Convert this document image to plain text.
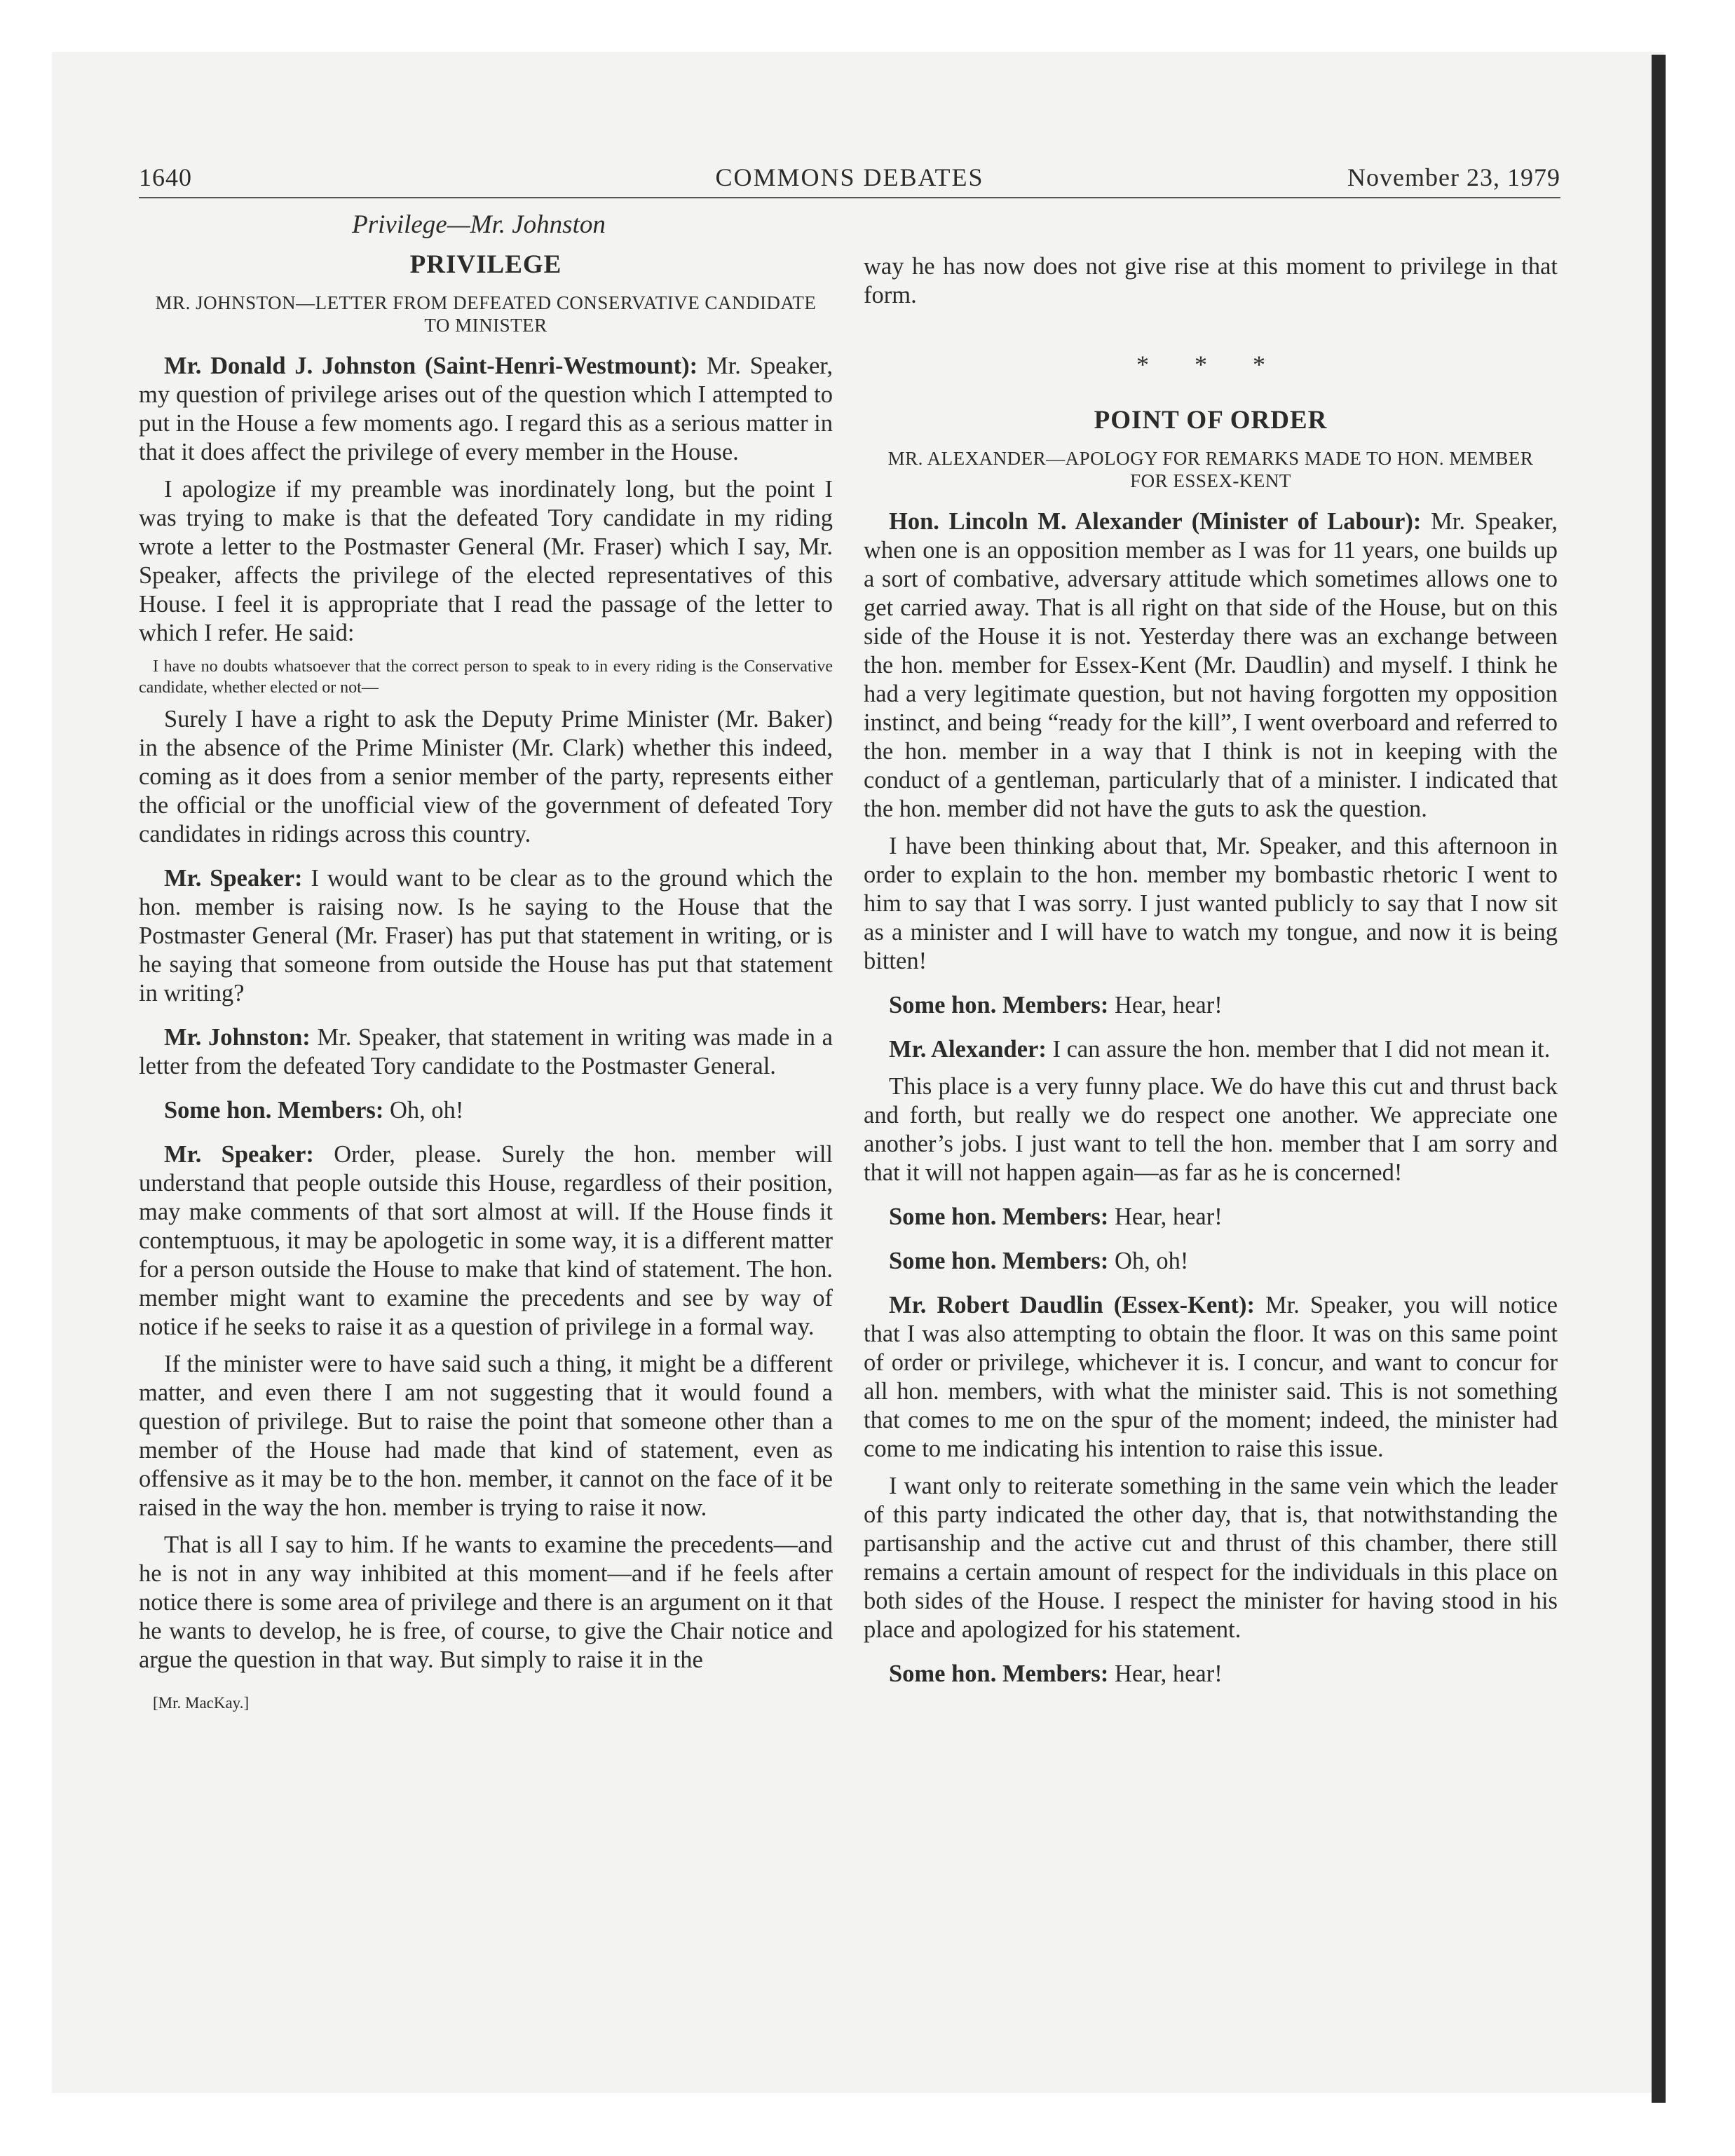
1640	COMMONS DEBATES	November 23, 1979
Privilege—Mr. Johnston
PRIVILEGE
MR. JOHNSTON—LETTER FROM DEFEATED CONSERVATIVE CANDIDATE TO MINISTER

Mr. Donald J. Johnston (Saint-Henri-Westmount): Mr. Speaker, my question of privilege arises out of the question which I attempted to put in the House a few moments ago. I regard this as a serious matter in that it does affect the privilege of every member in the House.

I apologize if my preamble was inordinately long, but the point I was trying to make is that the defeated Tory candidate in my riding wrote a letter to the Postmaster General (Mr. Fraser) which I say, Mr. Speaker, affects the privilege of the elected representatives of this House. I feel it is appropriate that I read the passage of the letter to which I refer. He said:

I have no doubts whatsoever that the correct person to speak to in every riding is the Conservative candidate, whether elected or not—

Surely I have a right to ask the Deputy Prime Minister (Mr. Baker) in the absence of the Prime Minister (Mr. Clark) whether this indeed, coming as it does from a senior member of the party, represents either the official or the unofficial view of the government of defeated Tory candidates in ridings across this country.

Mr. Speaker: I would want to be clear as to the ground which the hon. member is raising now. Is he saying to the House that the Postmaster General (Mr. Fraser) has put that statement in writing, or is he saying that someone from outside the House has put that statement in writing?

Mr. Johnston: Mr. Speaker, that statement in writing was made in a letter from the defeated Tory candidate to the Postmaster General.

Some hon. Members: Oh, oh!

Mr. Speaker: Order, please. Surely the hon. member will understand that people outside this House, regardless of their position, may make comments of that sort almost at will. If the House finds it contemptuous, it may be apologetic in some way, it is a different matter for a person outside the House to make that kind of statement. The hon. member might want to examine the precedents and see by way of notice if he seeks to raise it as a question of privilege in a formal way.

If the minister were to have said such a thing, it might be a different matter, and even there I am not suggesting that it would found a question of privilege. But to raise the point that someone other than a member of the House had made that kind of statement, even as offensive as it may be to the hon. member, it cannot on the face of it be raised in the way the hon. member is trying to raise it now.

That is all I say to him. If he wants to examine the precedents—and he is not in any way inhibited at this moment—and if he feels after notice there is some area of privilege and there is an argument on it that he wants to develop, he is free, of course, to give the Chair notice and argue the question in that way. But simply to raise it in the

[Mr. MacKay.]

way he has now does not give rise at this moment to privilege in that form.

* * *
POINT OF ORDER
MR. ALEXANDER—APOLOGY FOR REMARKS MADE TO HON. MEMBER FOR ESSEX-KENT

Hon. Lincoln M. Alexander (Minister of Labour): Mr. Speaker, when one is an opposition member as I was for 11 years, one builds up a sort of combative, adversary attitude which sometimes allows one to get carried away. That is all right on that side of the House, but on this side of the House it is not. Yesterday there was an exchange between the hon. member for Essex-Kent (Mr. Daudlin) and myself. I think he had a very legitimate question, but not having forgotten my opposition instinct, and being “ready for the kill”, I went overboard and referred to the hon. member in a way that I think is not in keeping with the conduct of a gentleman, particularly that of a minister. I indicated that the hon. member did not have the guts to ask the question.

I have been thinking about that, Mr. Speaker, and this afternoon in order to explain to the hon. member my bombastic rhetoric I went to him to say that I was sorry. I just wanted publicly to say that I now sit as a minister and I will have to watch my tongue, and now it is being bitten!

Some hon. Members: Hear, hear!

Mr. Alexander: I can assure the hon. member that I did not mean it.

This place is a very funny place. We do have this cut and thrust back and forth, but really we do respect one another. We appreciate one another’s jobs. I just want to tell the hon. member that I am sorry and that it will not happen again—as far as he is concerned!

Some hon. Members: Hear, hear!

Some hon. Members: Oh, oh!

Mr. Robert Daudlin (Essex-Kent): Mr. Speaker, you will notice that I was also attempting to obtain the floor. It was on this same point of order or privilege, whichever it is. I concur, and want to concur for all hon. members, with what the minister said. This is not something that comes to me on the spur of the moment; indeed, the minister had come to me indicating his intention to raise this issue.

I want only to reiterate something in the same vein which the leader of this party indicated the other day, that is, that notwithstanding the partisanship and the active cut and thrust of this chamber, there still remains a certain amount of respect for the individuals in this place on both sides of the House. I respect the minister for having stood in his place and apologized for his statement.

Some hon. Members: Hear, hear!
